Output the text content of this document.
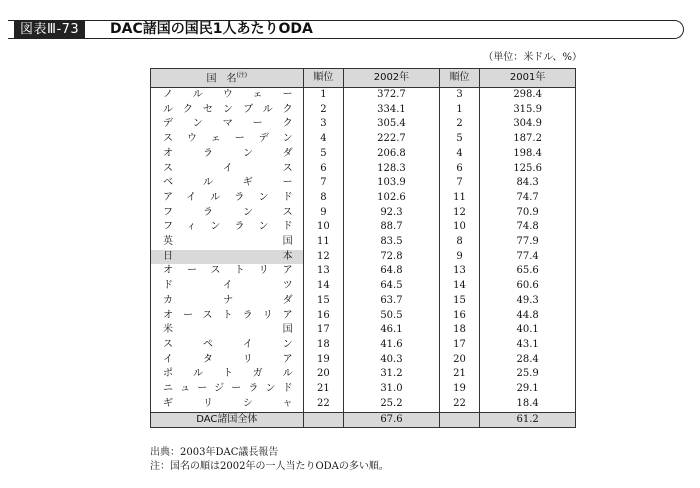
図表Ⅲ-73	DAC諸国の国民1人あたりODA
（単位：米ドル、%）
国　名$^{(注)}$	順位	2002年	順位	2001年
ノルウェー	1	372.7	3	298.4
ルクセンブルク	2	334.1	1	315.9
デンマーク	3	305.4	2	304.9
スウェーデン	4	222.7	5	187.2
オランダ	5	206.8	4	198.4
スイス	6	128.3	6	125.6
ベルギー	7	103.9	7	84.3
アイルランド	8	102.6	11	74.7
フランス	9	92.3	12	70.9
フィンランド	10	88.7	10	74.8
英国	11	83.5	8	77.9
日本	12	72.8	9	77.4
オーストリア	13	64.8	13	65.6
ドイツ	14	64.5	14	60.6
カナダ	15	63.7	15	49.3
オーストラリア	16	50.5	16	44.8
米国	17	46.1	18	40.1
スペイン	18	41.6	17	43.1
イタリア	19	40.3	20	28.4
ポルトガル	20	31.2	21	25.9
ニュージーランド	21	31.0	19	29.1
ギリシャ	22	25.2	22	18.4
DAC諸国全体		67.6		61.2
出典：2003年DAC議長報告
注：国名の順は2002年の一人当たりODAの多い順。
